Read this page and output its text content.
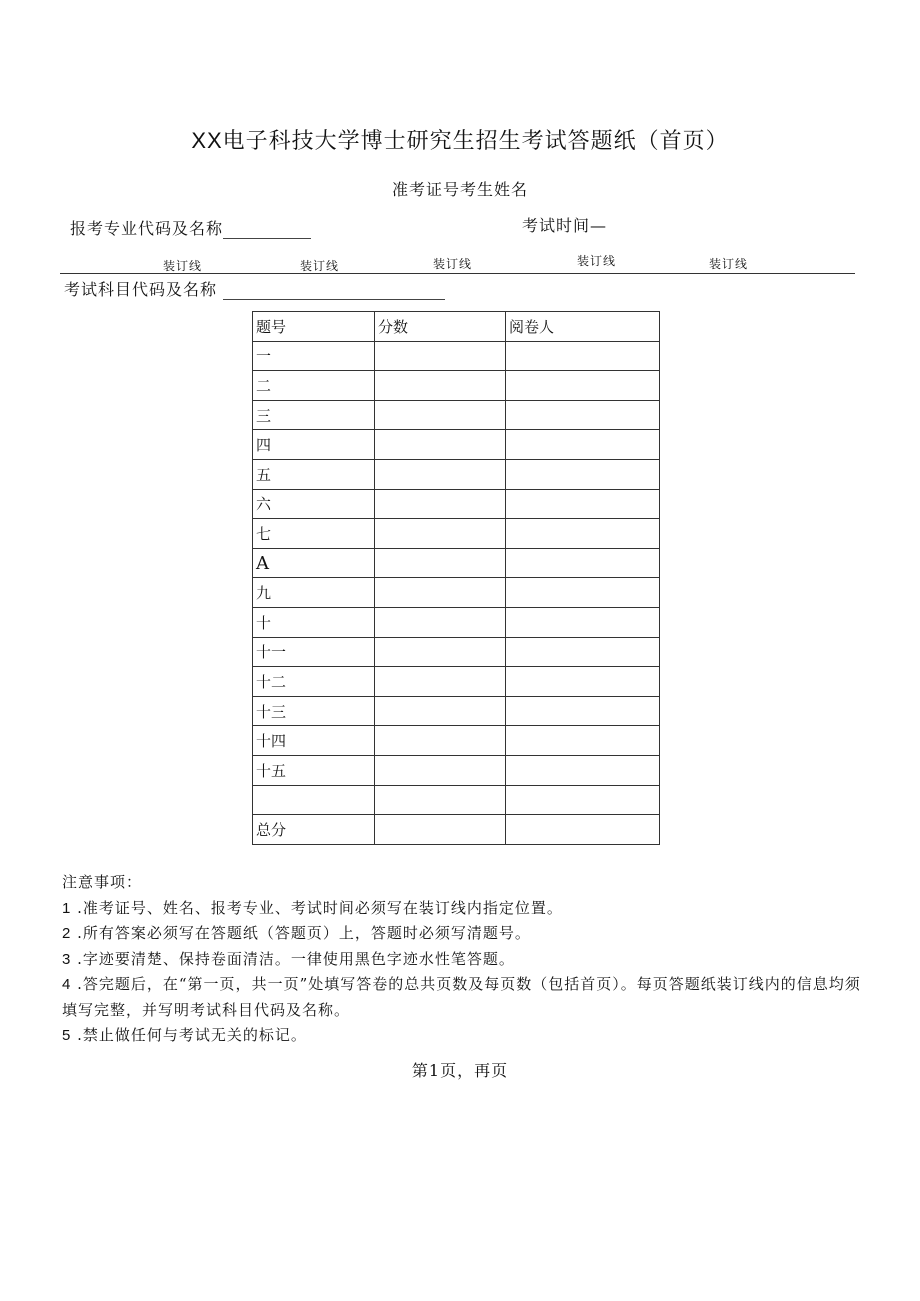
XX电子科技大学博士研究生招生考试答题纸（首页）
准考证号考生姓名
报考专业代码及名称	考试时间—
装订线	装订线	装订线	装订线	装订线
考试科目代码及名称
题号	分数	阅卷人
一		
二		
三		
四		
五		
六		
七		
A		
九		
十		
十一		
十二		
十三		
十四		
十五		

总分		
注意事项：
1 .准考证号、姓名、报考专业、考试时间必须写在装订线内指定位置。
2 .所有答案必须写在答题纸（答题页）上，答题时必须写清题号。
3 .字迹要清楚、保持卷面清洁。一律使用黑色字迹水性笔答题。
4 .答完题后，在“第一页，共一页”处填写答卷的总共页数及每页数（包括首页）。每页答题纸装订线内的信息均须填写完整，并写明考试科目代码及名称。
5 .禁止做任何与考试无关的标记。
第1页，再页
